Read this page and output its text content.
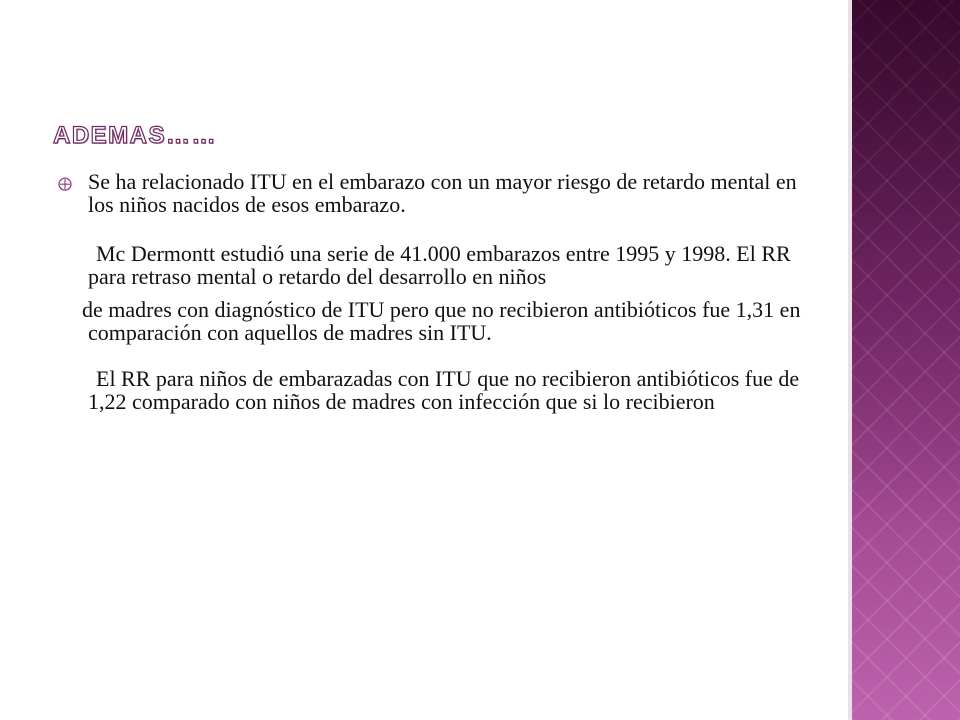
ADEMAS……
⨁ Se ha relacionado ITU en el embarazo con un mayor riesgo de retardo mental en los niños nacidos de esos embarazo.
Mc Dermontt estudió una serie de 41.000 embarazos entre 1995 y 1998. El RR para retraso mental o retardo del desarrollo en niños
de madres con diagnóstico de ITU pero que no recibieron antibióticos fue 1,31 en comparación con aquellos de madres sin ITU.
El RR para niños de embarazadas con ITU que no recibieron antibióticos fue de 1,22 comparado con niños de madres con infección que si lo recibieron
